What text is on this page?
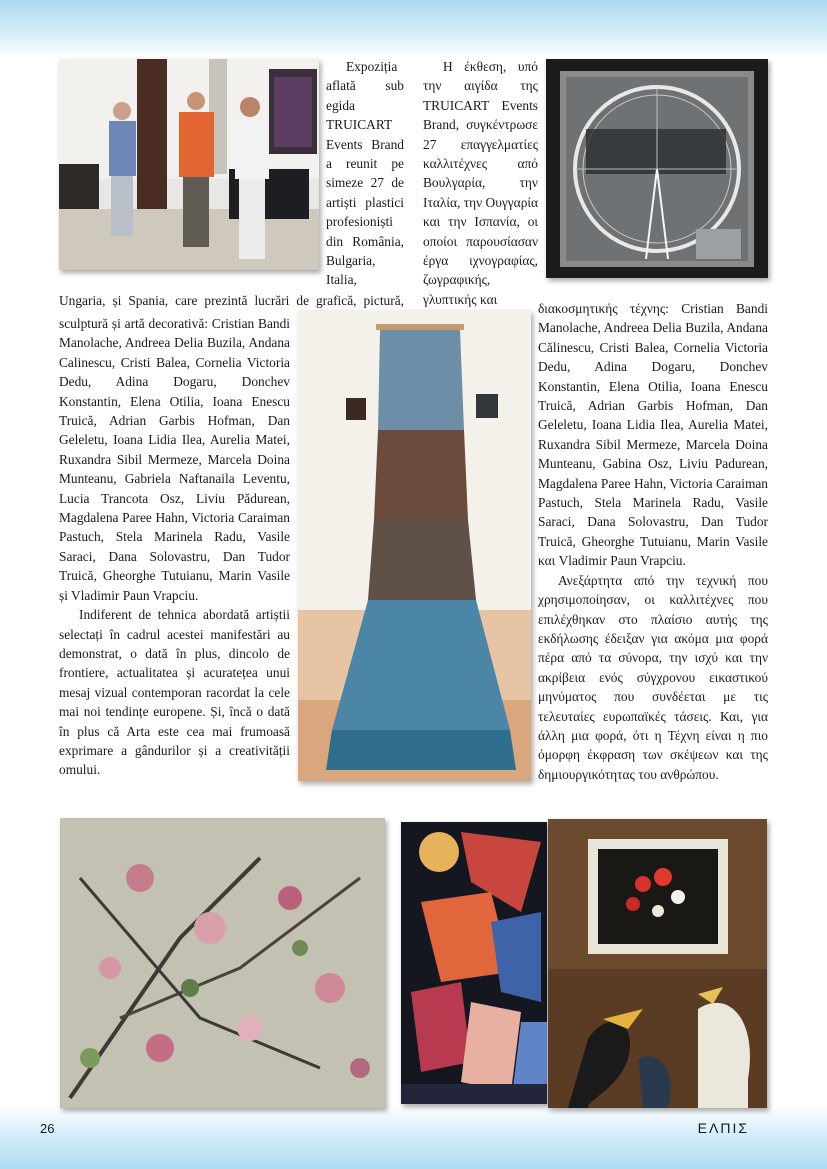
Expoziția aflată sub egida TRUICART Events Brand a reunit pe simeze 27 de artiști plastici profesioniști din România, Bulgaria, Italia,

Ungaria, și Spania, care prezintă lucrări de grafică, pictură,

sculptură și artă decorativă: Cristian Bandi Manolache, Andreea Delia Buzila, Andana Calinescu, Cristi Balea, Cornelia Victoria Dedu, Adina Dogaru, Donchev Konstantin, Elena Otilia, Ioana Enescu Truică, Adrian Garbis Hofman, Dan Geleletu, Ioana Lidia Ilea, Aurelia Matei, Ruxandra Sibil Mermeze, Marcela Doina Munteanu, Gabriela Naftanaila Leventu, Lucia Trancota Osz, Liviu Pădurean, Magdalena Paree Hahn, Victoria Caraiman Pastuch, Stela Marinela Radu, Vasile Saraci, Dana Solovastru, Dan Tudor Truică, Gheorghe Tutuianu, Marin Vasile și Vladimir Paun Vrapciu.

Indiferent de tehnica abordată artiștii selectați în cadrul acestei manifestări au demonstrat, o dată în plus, dincolo de frontiere, actualitatea și acuratețea unui mesaj vizual contemporan racordat la cele mai noi tendințe europene. Și, încă o dată în plus că Arta este cea mai frumoasă exprimare a gândurilor și a creativității omului.

Η έκθεση, υπό την αιγίδα της TRUICART Events Brand, συγκέντρωσε 27 επαγγελματίες καλλιτέχνες από Βουλγαρία, την Ιταλία, την Ουγγαρία και την Ισπανία, οι οποίοι παρουσίασαν έργα ιχνογραφίας, ζωγραφικής, γλυπτικής και

διακοσμητικής τέχνης: Cristian Bandi Manolache, Andreea Delia Buzila, Andana Călinescu, Cristi Balea, Cornelia Victoria Dedu, Adina Dogaru, Donchev Konstantin, Elena Otilia, Ioana Enescu Truică, Adrian Garbis Hofman, Dan Geleletu, Ioana Lidia Ilea, Aurelia Matei, Ruxandra Sibil Mermeze, Marcela Doina Munteanu, Gabina Osz, Liviu Padurean, Magdalena Paree Hahn, Victoria Caraiman Pastuch, Stela Marinela Radu, Vasile Saraci, Dana Solovastru, Dan Tudor Truică, Gheorghe Tutuianu, Marin Vasile και Vladimir Paun Vrapciu.

Ανεξάρτητα από την τεχνική που χρησιμοποίησαν, οι καλλιτέχνες που επιλέχθηκαν στο πλαίσιο αυτής της εκδήλωσης έδειξαν για ακόμα μια φορά πέρα από τα σύνορα, την ισχύ και την ακρίβεια ενός σύγχρονου εικαστικού μηνύματος που συνδέεται με τις τελευταίες ευρωπαϊκές τάσεις. Και, για άλλη μια φορά, ότι η Τέχνη είναι η πιο όμορφη έκφραση των σκέψεων και της δημιουργικότητας του ανθρώπου.

26	ΕΛΠΙΣ
